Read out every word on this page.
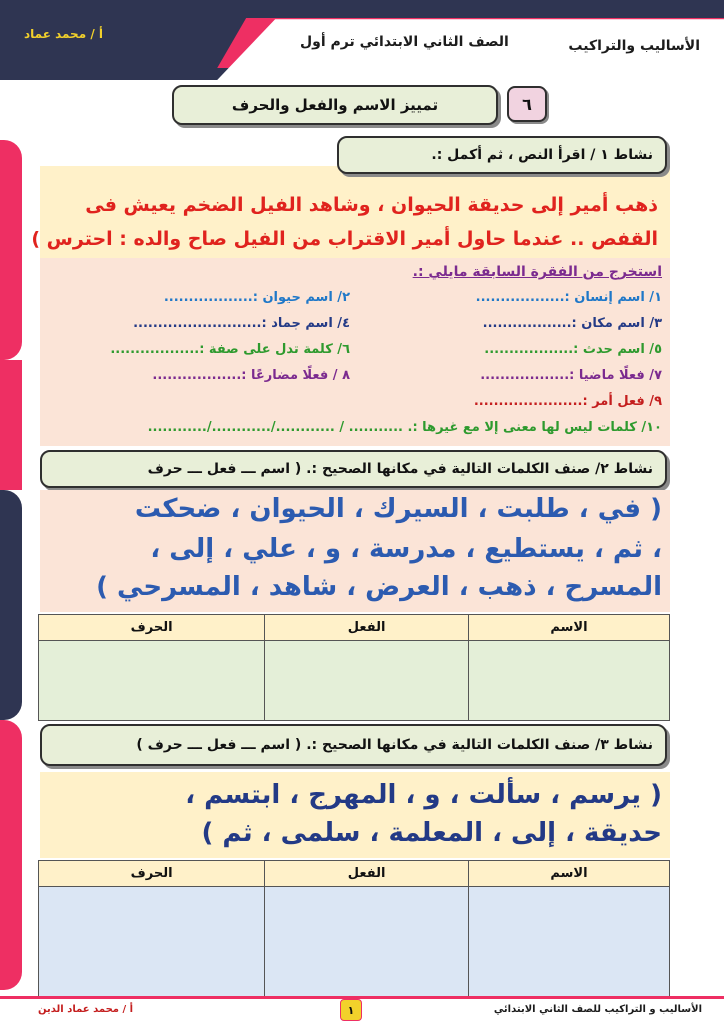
الأساليب والتراكيب
الصف الثاني الابتدائي ترم أول
أ / محمد عماد
٦
تمييز الاسم والفعل والحرف

ذهب أمير إلى حديقة الحيوان ، وشاهد الفيل الضخم يعيش فى

القفص .. عندما حاول أمير الاقتراب من الفيل صاح والده : احترس )

نشاط ١ / اقرأ النص ، ثم أكمل :.
استخرج من الفقرة السابقة مايلي :.
١/ اسم إنسان :..................
٢/ اسم حيوان :..................
٣/ اسم مكان :..................
٤/ اسم جماد :..........................
٥/ اسم حدث :..................
٦/ كلمة تدل على صفة :..................
٧/ فعلًا ماضيا :..................
٨ / فعلًا مضارعًا :..................
٩/ فعل أمر :......................
١٠/ كلمات ليس لها معنى إلا مع غيرها :. ........... / ............/............/............
نشاط ٢/ صنف الكلمات التالية في مكانها الصحيح :. ( اسم ـــ فعل ـــ حرف

( في ، طلبت ، السيرك ، الحيوان ، ضحكت

، ثم ، يستطيع ، مدرسة ، و ، علي ، إلى ،

المسرح ، ذهب ، العرض ، شاهد ، المسرحي )

الاسم	الفعل	الحرف

نشاط ٣/ صنف الكلمات التالية في مكانها الصحيح :. ( اسم ـــ فعل ـــ حرف )

( يرسم ، سألت ، و ، المهرج ، ابتسم ،

حديقة ، إلى ، المعلمة ، سلمى ، ثم )

الاسم	الفعل	الحرف

الأساليب و التراكيب للصف الثاني الابتدائي
١
أ / محمد عماد الدين
